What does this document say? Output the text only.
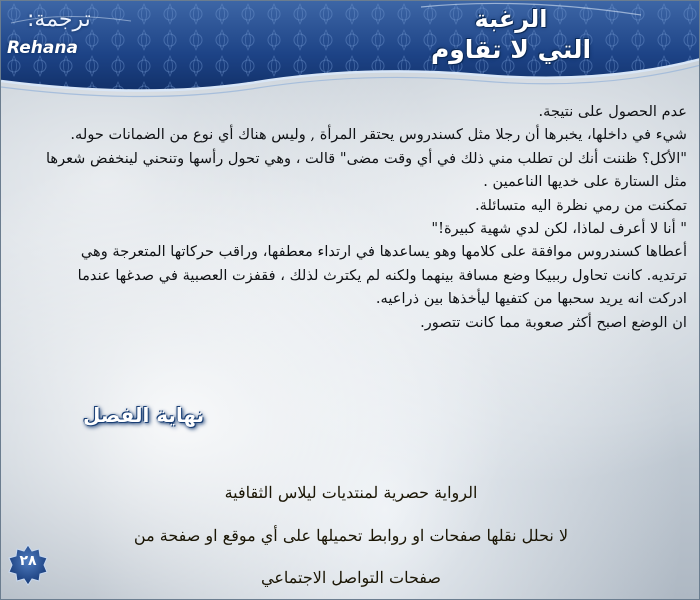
الرغبة
التي لا تقاوم
ترجمة:
Rehana
عدم الحصول على نتيجة.
شيء في داخلها، يخبرها أن رجلا مثل كسندروس يحتقر المرأة , وليس هناك أي نوع من الضمانات حوله.
"الأكل؟ ظننت أنك لن تطلب مني ذلك في أي وقت مضى" قالت ، وهي تحول رأسها وتنحني لينخفض شعرها
مثل الستارة على خديها الناعمين .
تمكنت من رمي نظرة اليه متسائلة.
" أنا لا أعرف لماذا، لكن لدي شهية كبيرة!"
أعطاها كسندروس موافقة على كلامها وهو يساعدها في ارتداء معطفها، وراقب حركاتها المتعرجة وهي
ترتديه. كانت تحاول رببيكا وضع مسافة بينهما ولكنه لم يكترث لذلك ، فقفزت العصبية في صدغها عندما
ادركت انه يريد سحبها من كتفيها ليأخذها بين ذراعيه.
ان الوضع اصبح أكثر صعوبة مما كانت تتصور.
نهاية الفصل
الرواية حصرية لمنتديات ليلاس الثقافية
لا نحلل نقلها صفحات او روابط تحميلها على أي موقع او صفحة من
صفحات التواصل الاجتماعي
٢٨
